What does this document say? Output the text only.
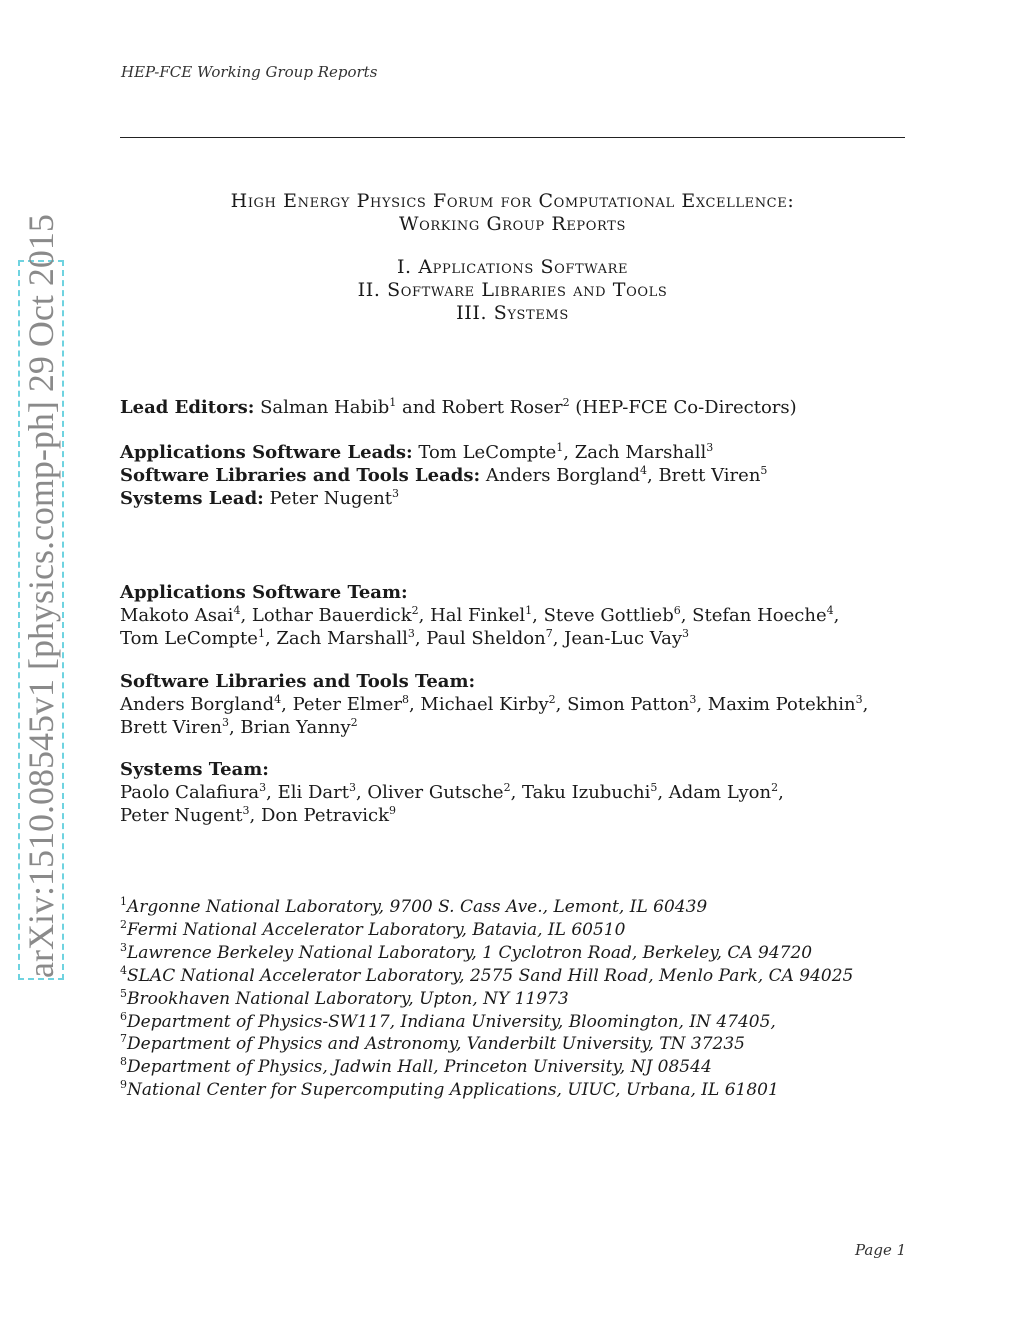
HEP-FCE Working Group Reports
arXiv:1510.08545v1 [physics.comp-ph] 29 Oct 2015
High Energy Physics Forum for Computational Excellence:
Working Group Reports
I. Applications Software
II. Software Libraries and Tools
III. Systems
Lead Editors: Salman Habib$^1$ and Robert Roser$^2$ (HEP-FCE Co-Directors)
Applications Software Leads: Tom LeCompte$^1$, Zach Marshall$^3$
Software Libraries and Tools Leads: Anders Borgland$^4$, Brett Viren$^5$
Systems Lead: Peter Nugent$^3$
Applications Software Team:
Makoto Asai$^4$, Lothar Bauerdick$^2$, Hal Finkel$^1$, Steve Gottlieb$^6$, Stefan Hoeche$^4$,
Tom LeCompte$^1$, Zach Marshall$^3$, Paul Sheldon$^7$, Jean-Luc Vay$^3$
Software Libraries and Tools Team:
Anders Borgland$^4$, Peter Elmer$^8$, Michael Kirby$^2$, Simon Patton$^3$, Maxim Potekhin$^3$,
Brett Viren$^3$, Brian Yanny$^2$
Systems Team:
Paolo Calafiura$^3$, Eli Dart$^3$, Oliver Gutsche$^2$, Taku Izubuchi$^5$, Adam Lyon$^2$,
Peter Nugent$^3$, Don Petravick$^9$
$^1$Argonne National Laboratory, 9700 S. Cass Ave., Lemont, IL 60439
$^2$Fermi National Accelerator Laboratory, Batavia, IL 60510
$^3$Lawrence Berkeley National Laboratory, 1 Cyclotron Road, Berkeley, CA 94720
$^4$SLAC National Accelerator Laboratory, 2575 Sand Hill Road, Menlo Park, CA 94025
$^5$Brookhaven National Laboratory, Upton, NY 11973
$^6$Department of Physics-SW117, Indiana University, Bloomington, IN 47405,
$^7$Department of Physics and Astronomy, Vanderbilt University, TN 37235
$^8$Department of Physics, Jadwin Hall, Princeton University, NJ 08544
$^9$National Center for Supercomputing Applications, UIUC, Urbana, IL 61801
Page 1
